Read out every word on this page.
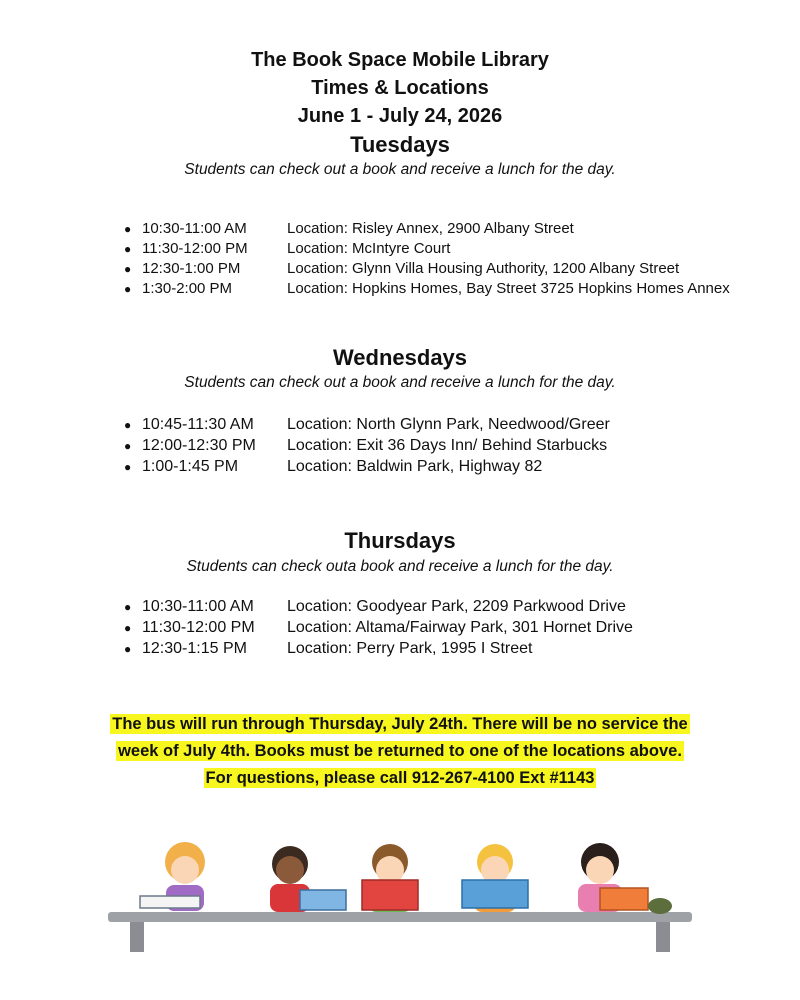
The Book Space Mobile Library
Times & Locations
June 1 - July 24, 2026
Tuesdays
Students can check out a book and receive a lunch for the day.
● 10:30-11:00 AM	Location: Risley Annex, 2900 Albany Street
● 11:30-12:00 PM	Location: McIntyre Court
● 12:30-1:00 PM	Location: Glynn Villa Housing Authority, 1200 Albany Street
● 1:30-2:00 PM	Location: Hopkins Homes, Bay Street 3725 Hopkins Homes Annex
Wednesdays
Students can check out a book and receive a lunch for the day.
● 10:45-11:30 AM	Location: North Glynn Park, Needwood/Greer
● 12:00-12:30 PM	Location: Exit 36 Days Inn/ Behind Starbucks
● 1:00-1:45 PM	Location: Baldwin Park, Highway 82
Thursdays
Students can check outa book and receive a lunch for the day.
● 10:30-11:00 AM	Location: Goodyear Park, 2209 Parkwood Drive
● 11:30-12:00 PM	Location: Altama/Fairway Park, 301 Hornet Drive
● 12:30-1:15 PM	Location: Perry Park, 1995 I Street
The bus will run through Thursday, July 24th. There will be no service the
week of July 4th. Books must be returned to one of the locations above.
For questions, please call 912-267-4100 Ext #1143
